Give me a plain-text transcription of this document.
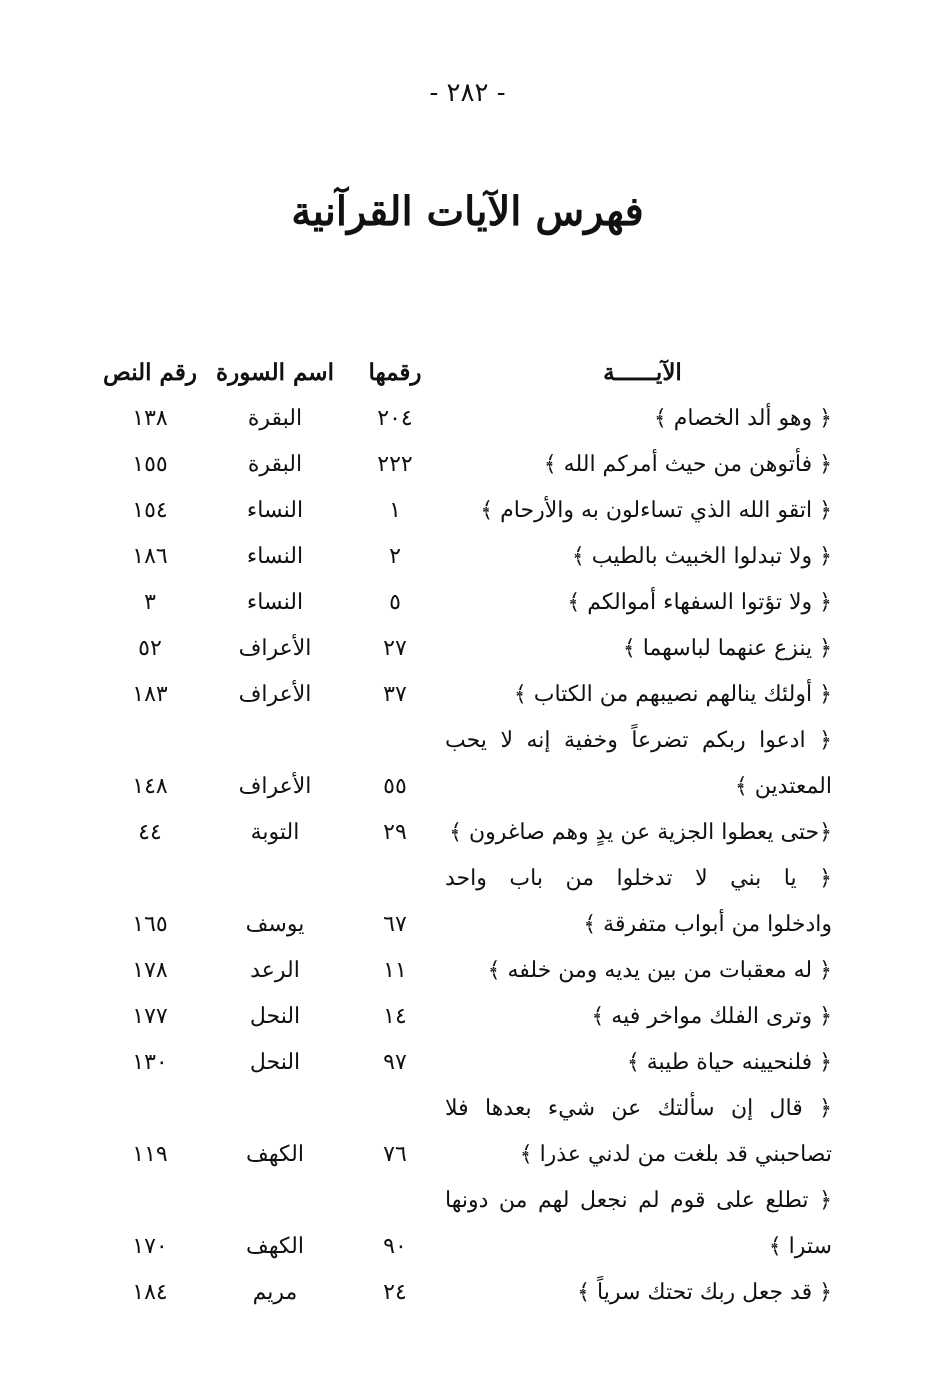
- ٢٨٢ -
فهرس الآيات القرآنية
الآيــــــة
رقمها
اسم السورة
رقم النص
﴿ وهو ألد الخصام ﴾
٢٠٤
البقرة
١٣٨
﴿ فأتوهن من حيث أمركم الله ﴾
٢٢٢
البقرة
١٥٥
﴿ اتقو الله الذي تساءلون به والأرحام ﴾
١
النساء
١٥٤
﴿ ولا تبدلوا الخبيث بالطيب ﴾
٢
النساء
١٨٦
﴿ ولا تؤتوا السفهاء أموالكم ﴾
٥
النساء
٣
﴿ ينزع عنهما لباسهما ﴾
٢٧
الأعراف
٥٢
﴿ أولئك ينالهم نصيبهم من الكتاب ﴾
٣٧
الأعراف
١٨٣
﴿ ادعوا ربكم تضرعاً وخفية إنه لا يحب
المعتدين ﴾
٥٥
الأعراف
١٤٨
﴿حتى يعطوا الجزية عن يدٍ وهم صاغرون ﴾
٢٩
التوبة
٤٤
﴿ يا بني لا تدخلوا من باب واحد
وادخلوا من أبواب متفرقة ﴾
٦٧
يوسف
١٦٥
﴿ له معقبات من بين يديه ومن خلفه ﴾
١١
الرعد
١٧٨
﴿ وترى الفلك مواخر فيه ﴾
١٤
النحل
١٧٧
﴿ فلنحيينه حياة طيبة ﴾
٩٧
النحل
١٣٠
﴿ قال إن سألتك عن شيء بعدها فلا
تصاحبني قد بلغت من لدني عذرا ﴾
٧٦
الكهف
١١٩
﴿ تطلع على قوم لم نجعل لهم من دونها
سترا ﴾
٩٠
الكهف
١٧٠
﴿ قد جعل ربك تحتك سرياً ﴾
٢٤
مريم
١٨٤
